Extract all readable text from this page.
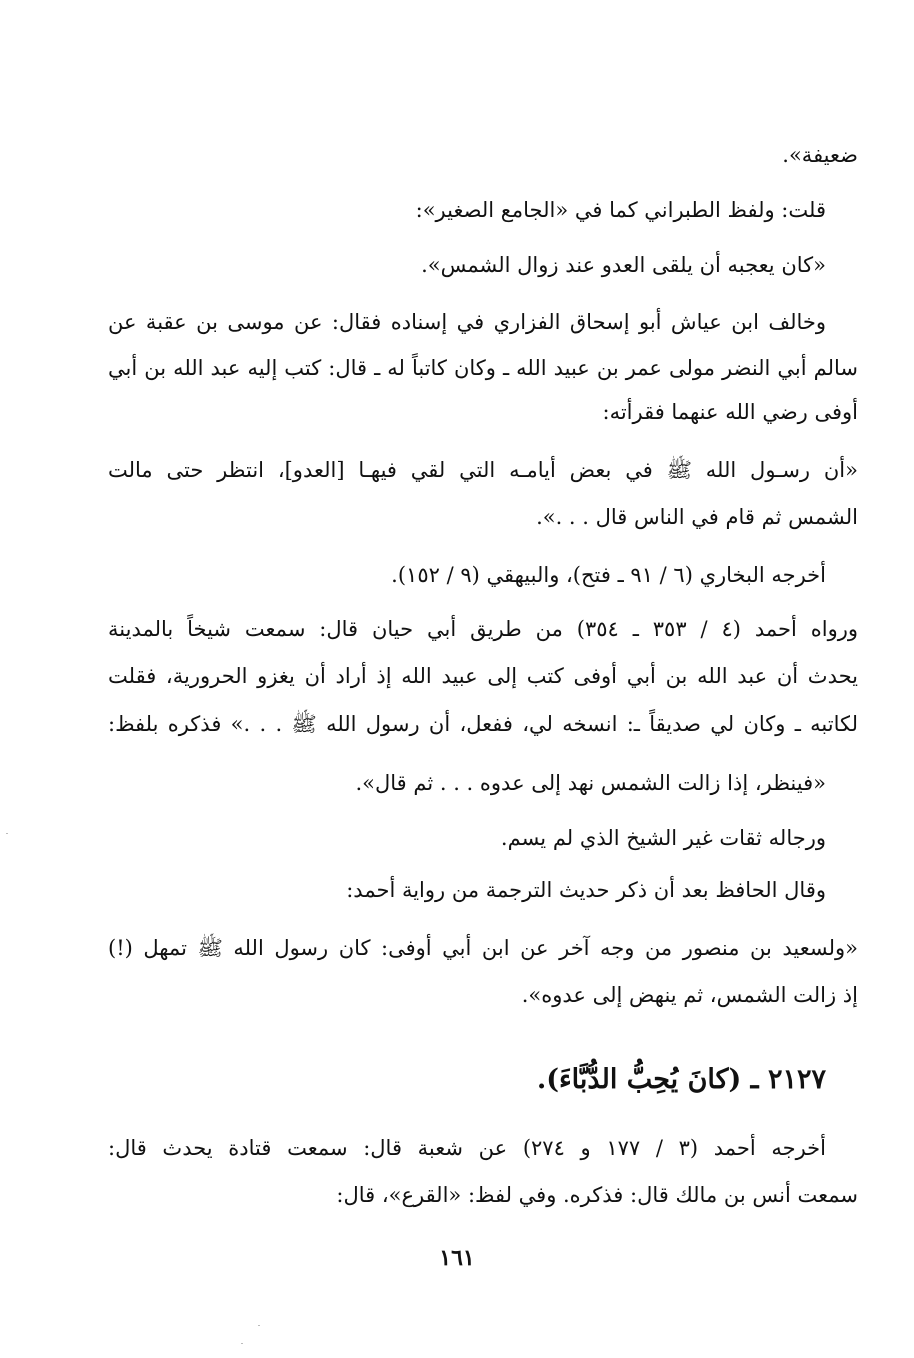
ضعيفة».
قلت: ولفظ الطبراني كما في «الجامع الصغير»:
«كان يعجبه أن يلقى العدو عند زوال الشمس».
وخالف ابن عياش أبو إسحاق الفزاري في إسناده فقال: عن موسى بن عقبة عن
سالم أبي النضر مولى عمر بن عبيد الله ـ وكان كاتباً له ـ قال: كتب إليه عبد الله بن أبي
أوفى رضي الله عنهما فقرأته:
«أن رسـول الله ﷺ في بعض أيامـه التي لقي فيهـا [العدو]، انتظر حتى مالت
الشمس ثم قام في الناس قال . . .».
أخرجه البخاري (٦ / ٩١ ـ فتح)، والبيهقي (٩ / ١٥٢).
ورواه أحمد (٤ / ٣٥٣ ـ ٣٥٤) من طريق أبي حيان قال: سمعت شيخاً بالمدينة
يحدث أن عبد الله بن أبي أوفى كتب إلى عبيد الله إذ أراد أن يغزو الحرورية، فقلت
لكاتبه ـ وكان لي صديقاً ـ: انسخه لي، ففعل، أن رسول الله ﷺ . . .» فذكره بلفظ:
«فينظر، إذا زالت الشمس نهد إلى عدوه . . . ثم قال».
ورجاله ثقات غير الشيخ الذي لم يسم.
وقال الحافظ بعد أن ذكر حديث الترجمة من رواية أحمد:
«ولسعيد بن منصور من وجه آخر عن ابن أبي أوفى: كان رسول الله ﷺ تمهل (!)
إذ زالت الشمس، ثم ينهض إلى عدوه».
٢١٢٧ ـ (كانَ يُحِبُّ الدُّبَّاءَ).
أخرجه أحمد (٣ / ١٧٧ و ٢٧٤) عن شعبة قال: سمعت قتادة يحدث قال:
سمعت أنس بن مالك قال: فذكره. وفي لفظ: «القرع»، قال:
١٦١
